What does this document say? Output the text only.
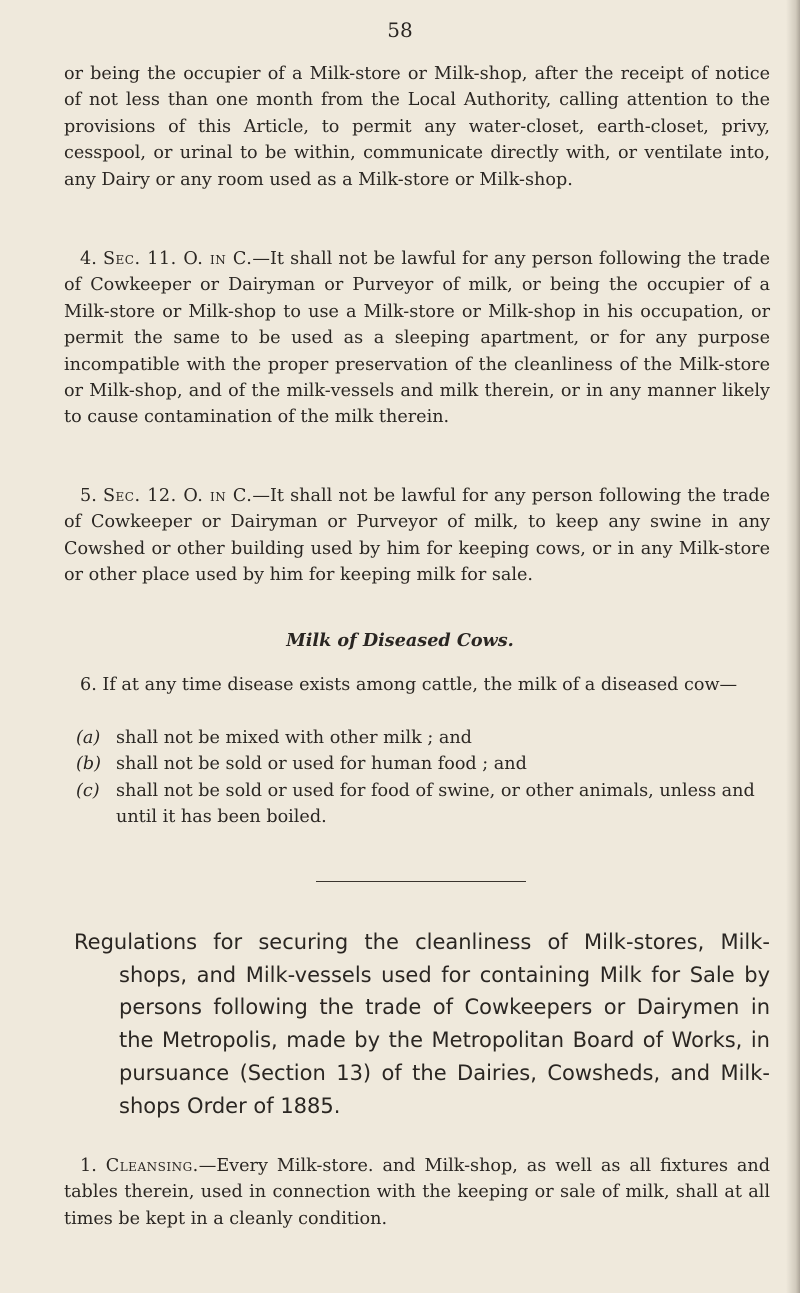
58
or being the occupier of a Milk-store or Milk-shop, after the receipt of notice of not less than one month from the Local Authority, calling attention to the provisions of this Article, to permit any water-closet, earth-closet, privy, cesspool, or urinal to be within, communicate directly with, or ventilate into, any Dairy or any room used as a Milk-store or Milk-shop.
4. Sec. 11. O. in C.—It shall not be lawful for any person following the trade of Cowkeeper or Dairyman or Purveyor of milk, or being the occupier of a Milk-store or Milk-shop to use a Milk-store or Milk-shop in his occupation, or permit the same to be used as a sleeping apartment, or for any purpose incompatible with the proper preservation of the cleanliness of the Milk-store or Milk-shop, and of the milk-vessels and milk therein, or in any manner likely to cause contamination of the milk therein.
5. Sec. 12. O. in C.—It shall not be lawful for any person following the trade of Cowkeeper or Dairyman or Purveyor of milk, to keep any swine in any Cowshed or other building used by him for keeping cows, or in any Milk-store or other place used by him for keeping milk for sale.
Milk of Diseased Cows.
6. If at any time disease exists among cattle, the milk of a diseased cow—
(a) shall not be mixed with other milk ; and
(b) shall not be sold or used for human food ; and
(c) shall not be sold or used for food of swine, or other animals, unless and until it has been boiled.
Regulations for securing the cleanliness of Milk-stores, Milk-shops, and Milk-vessels used for containing Milk for Sale by persons following the trade of Cowkeepers or Dairymen in the Metropolis, made by the Metropolitan Board of Works, in pursuance (Section 13) of the Dairies, Cowsheds, and Milk-shops Order of 1885.
1. Cleansing.—Every Milk-store. and Milk-shop, as well as all fixtures and tables therein, used in connection with the keeping or sale of milk, shall at all times be kept in a cleanly condition.
